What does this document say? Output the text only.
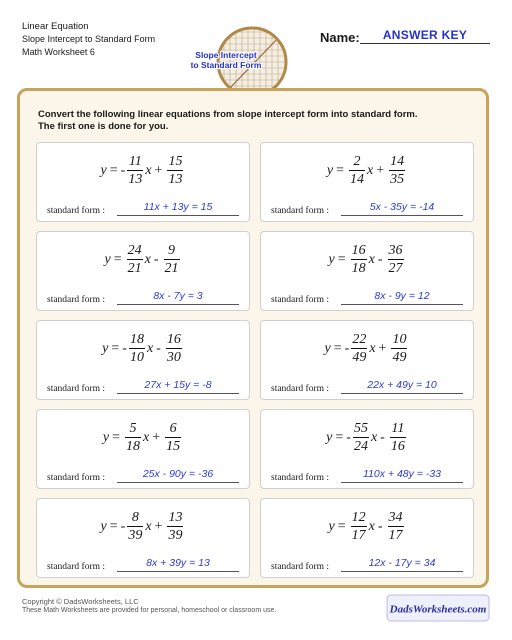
Linear Equation
Slope Intercept to Standard Form
Math Worksheet 6	Slope Intercept
to Standard Form
Name:	ANSWER KEY
Convert the following linear equations from slope intercept form into standard form.
The first one is done for you.
y = - $\frac{11}{13}$ $x + \frac{15}{13}$
standard form :	11x + 13y = 15
$y = \frac{2}{14}$ $x + \frac{14}{35}$
standard form :	5x - 35y = -14
$y = \frac{24}{21}$ x - $\frac{9}{21}$
standard form :	8x - 7y = 3
$y = \frac{16}{18}$ x - $\frac{36}{27}$
standard form :	8x - 9y = 12
y = - $\frac{18}{10}$ x - $\frac{16}{30}$
standard form :	27x + 15y = -8
y = - $\frac{22}{49}$ $x + \frac{10}{49}$
standard form :	22x + 49y = 10
$y = \frac{5}{18}$ $x + \frac{6}{15}$
standard form :	25x - 90y = -36
y = - $\frac{55}{24}$ x - $\frac{11}{16}$
standard form :	110x + 48y = -33
y = - $\frac{8}{39}$ $x + \frac{13}{39}$
standard form :	8x + 39y = 13
$y = \frac{12}{17}$ x - $\frac{34}{17}$
standard form :	12x - 17y = 34
Copyright © DadsWorksheets, LLC
These Math Worksheets are provided for personal, homeschool or classroom use.	DadsWorksheets.com
